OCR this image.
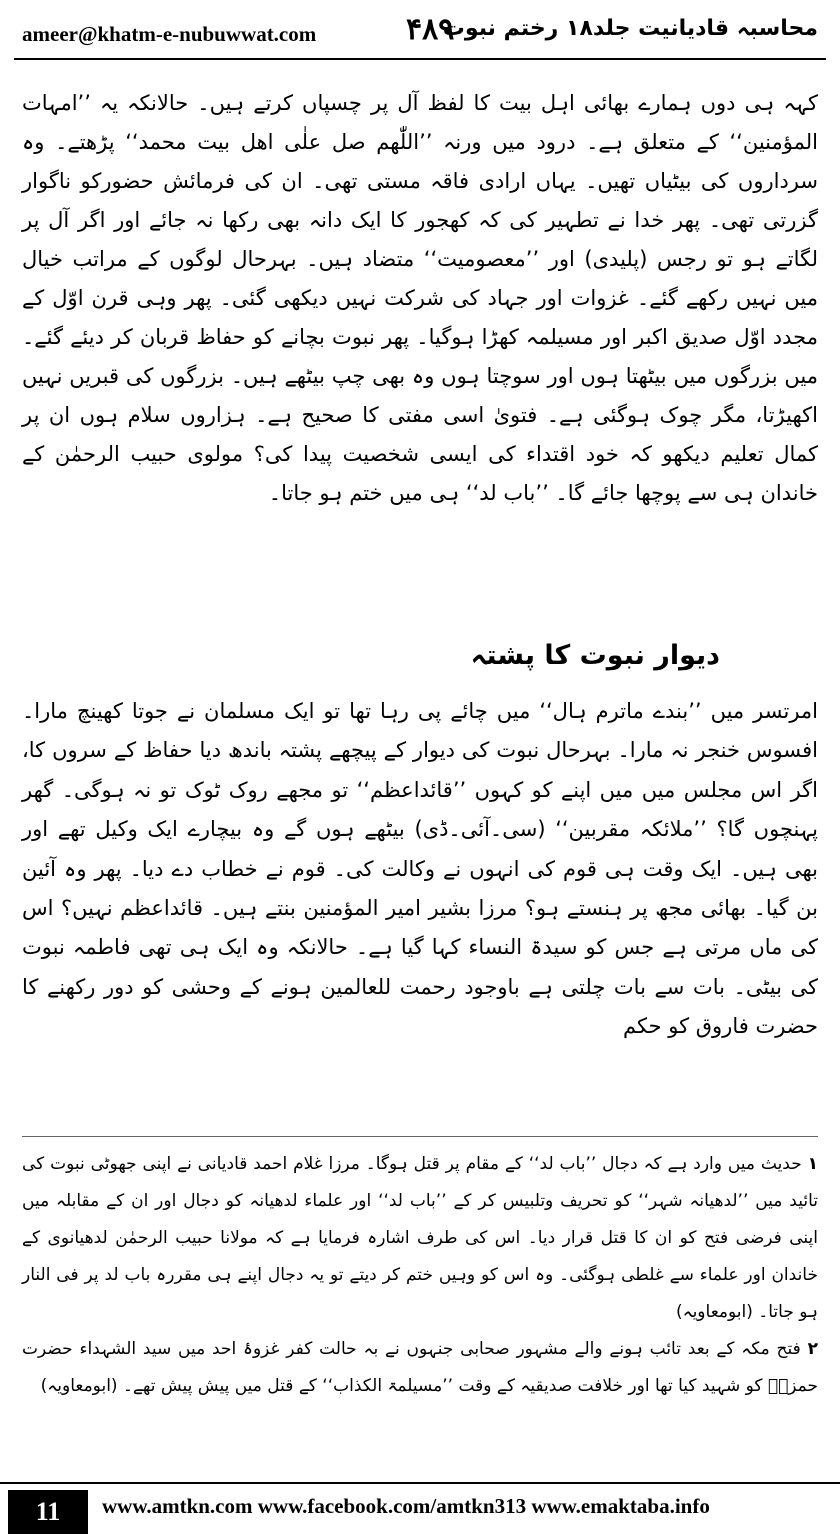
ameer@khatm-e-nubuwwat.com	۴۸۹
محاسبہ قادیانیت جلد۱۸ رختم نبوت

کہہ ہی دوں ہمارے بھائی اہل بیت کا لفظ آل پر چسپاں کرتے ہیں۔ حالانکہ یہ ’’امہات المؤمنین‘‘ کے متعلق ہے۔ درود میں ورنہ ’’اللّٰھم صل علٰی اھل بیت محمد‘‘ پڑھتے۔ وہ سرداروں کی بیٹیاں تھیں۔ یہاں ارادی فاقہ مستی تھی۔ ان کی فرمائش حضورکو ناگوار گزرتی تھی۔ پھر خدا نے تطہیر کی کہ کھجور کا ایک دانہ بھی رکھا نہ جائے اور اگر آل پر لگاتے ہو تو رجس (پلیدی) اور ’’معصومیت‘‘ متضاد ہیں۔ بہرحال لوگوں کے مراتب خیال میں نہیں رکھے گئے۔ غزوات اور جہاد کی شرکت نہیں دیکھی گئی۔ پھر وہی قرن اوّل کے مجدد اوّل صدیق اکبر اور مسیلمہ کھڑا ہوگیا۔ پھر نبوت بچانے کو حفاظ قربان کر دیئے گئے۔ میں بزرگوں میں بیٹھتا ہوں اور سوچتا ہوں وہ بھی چپ بیٹھے ہیں۔ بزرگوں کی قبریں نہیں اکھیڑتا، مگر چوک ہوگئی ہے۔ فتویٰ اسی مفتی کا صحیح ہے۔ ہزاروں سلام ہوں ان پر کمال تعلیم دیکھو کہ خود اقتداء کی ایسی شخصیت پیدا کی؟ مولوی حبیب الرحمٰن کے خاندان ہی سے پوچھا جائے گا۔ ’’باب لد‘‘ ہی میں ختم ہو جاتا۔

دیوار نبوت کا پشتہ

امرتسر میں ’’بندے ماترم ہال‘‘ میں چائے پی رہا تھا تو ایک مسلمان نے جوتا کھینچ مارا۔ افسوس خنجر نہ مارا۔ بہرحال نبوت کی دیوار کے پیچھے پشتہ باندھ دیا حفاظ کے سروں کا، اگر اس مجلس میں میں اپنے کو کہوں ’’قائداعظم‘‘ تو مجھے روک ٹوک تو نہ ہوگی۔ گھر پہنچوں گا؟ ’’ملائکہ مقربین‘‘ (سی۔آئی۔ڈی) بیٹھے ہوں گے وہ بیچارے ایک وکیل تھے اور بھی ہیں۔ ایک وقت ہی قوم کی انہوں نے وکالت کی۔ قوم نے خطاب دے دیا۔ پھر وہ آئین بن گیا۔ بھائی مجھ پر ہنستے ہو؟ مرزا بشیر امیر المؤمنین بنتے ہیں۔ قائداعظم نہیں؟ اس کی ماں مرتی ہے جس کو سیدۃ النساء کہا گیا ہے۔ حالانکہ وہ ایک ہی تھی فاطمہ نبوت کی بیٹی۔ بات سے بات چلتی ہے باوجود رحمت للعالمین ہونے کے وحشی کو دور رکھنے کا حضرت فاروق کو حکم

۱ حدیث میں وارد ہے کہ دجال ’’باب لد‘‘ کے مقام پر قتل ہوگا۔ مرزا غلام احمد قادیانی نے اپنی جھوٹی نبوت کی تائید میں ’’لدھیانہ شہر‘‘ کو تحریف وتلبیس کر کے ’’باب لد‘‘ اور علماء لدھیانہ کو دجال اور ان کے مقابلہ میں اپنی فرضی فتح کو ان کا قتل قرار دیا۔ اس کی طرف اشارہ فرمایا ہے کہ مولانا حبیب الرحمٰن لدھیانوی کے خاندان اور علماء سے غلطی ہوگئی۔ وہ اس کو وہیں ختم کر دیتے تو یہ دجال اپنے ہی مقررہ باب لد پر فی النار ہو جاتا۔ (ابومعاویہ)

۲ فتح مکہ کے بعد تائب ہونے والے مشہور صحابی جنہوں نے بہ حالت کفر غزوۂ احد میں سید الشہداء حضرت حمزہؓ کو شہید کیا تھا اور خلافت صدیقیہ کے وقت ’’مسیلمۃ الکذاب‘‘ کے قتل میں پیش پیش تھے۔ (ابومعاویہ)

11	www.amtkn.com www.facebook.com/amtkn313 www.emaktaba.info
